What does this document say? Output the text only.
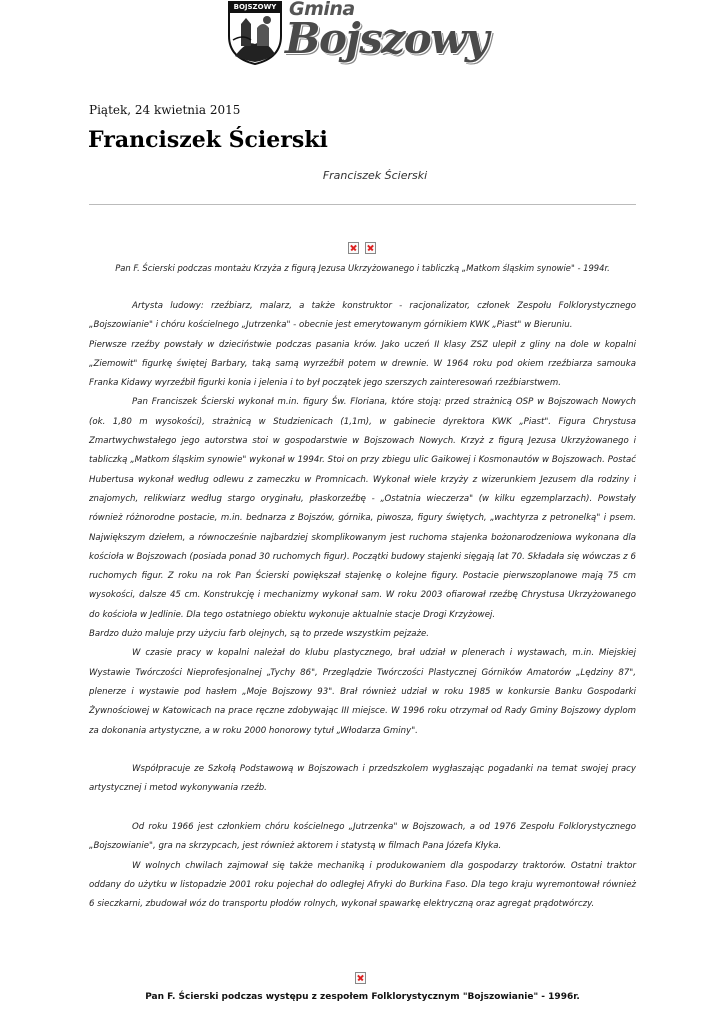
BOJSZOWY Gmina
Bojszowy
Piątek, 24 kwietnia 2015
Franciszek Ścierski
Franciszek Ścierski
Pan F. Ścierski podczas montażu Krzyża z figurą Jezusa Ukrzyżowanego i tabliczką „Matkom śląskim synowie" - 1994r.

Artysta ludowy: rzeźbiarz, malarz, a także konstruktor - racjonalizator, członek Zespołu Folklorystycznego „Bojszowianie" i chóru kościelnego „Jutrzenka" - obecnie jest emerytowanym górnikiem KWK „Piast" w Bieruniu.

Pierwsze rzeźby powstały w dzieciństwie podczas pasania krów. Jako uczeń II klasy ZSZ ulepił z gliny na dole w kopalni „Ziemowit" figurkę świętej Barbary, taką samą wyrzeźbił potem w drewnie. W 1964 roku pod okiem rzeźbiarza samouka Franka Kidawy wyrzeźbił figurki konia i jelenia i to był początek jego szerszych zainteresowań rzeźbiarstwem.

Pan Franciszek Ścierski wykonał m.in. figury Św. Floriana, które stoją: przed strażnicą OSP w Bojszowach Nowych (ok. 1,80 m wysokości), strażnicą w Studzienicach (1,1m), w gabinecie dyrektora KWK „Piast". Figura Chrystusa Zmartwychwstałego jego autorstwa stoi w gospodarstwie w Bojszowach Nowych. Krzyż z figurą Jezusa Ukrzyżowanego i tabliczką „Matkom śląskim synowie" wykonał w 1994r. Stoi on przy zbiegu ulic Gaikowej i Kosmonautów w Bojszowach. Postać Hubertusa wykonał według odlewu z zameczku w Promnicach. Wykonał wiele krzyży z wizerunkiem Jezusem dla rodziny i znajomych, relikwiarz według stargo oryginału, płaskorzeźbę - „Ostatnia wieczerza" (w kilku egzemplarzach). Powstały również różnorodne postacie, m.in. bednarza z Bojszów, górnika, piwosza, figury świętych, „wachtyrza z petronelką" i psem. Największym dziełem, a równocześnie najbardziej skomplikowanym jest ruchoma stajenka bożonarodzeniowa wykonana dla kościoła w Bojszowach (posiada ponad 30 ruchomych figur). Początki budowy stajenki sięgają lat 70. Składała się wówczas z 6 ruchomych figur. Z roku na rok Pan Ścierski powiększał stajenkę o kolejne figury. Postacie pierwszoplanowe mają 75 cm wysokości, dalsze 45 cm. Konstrukcję i mechanizmy wykonał sam. W roku 2003 ofiarował rzeźbę Chrystusa Ukrzyżowanego do kościoła w Jedlinie. Dla tego ostatniego obiektu wykonuje aktualnie stacje Drogi Krzyżowej.

Bardzo dużo maluje przy użyciu farb olejnych, są to przede wszystkim pejzaże.

W czasie pracy w kopalni należał do klubu plastycznego, brał udział w plenerach i wystawach, m.in. Miejskiej Wystawie Twórczości Nieprofesjonalnej „Tychy 86", Przeglądzie Twórczości Plastycznej Górników Amatorów „Lędziny 87", plenerze i wystawie pod hasłem „Moje Bojszowy 93". Brał również udział w roku 1985 w konkursie Banku Gospodarki Żywnościowej w Katowicach na prace ręczne zdobywając III miejsce. W 1996 roku otrzymał od Rady Gminy Bojszowy dyplom za dokonania artystyczne, a w roku 2000 honorowy tytuł „Włodarza Gminy".

Współpracuje ze Szkołą Podstawową w Bojszowach i przedszkolem wygłaszając pogadanki na temat swojej pracy artystycznej i metod wykonywania rzeźb.

Od roku 1966 jest członkiem chóru kościelnego „Jutrzenka" w Bojszowach, a od 1976 Zespołu Folklorystycznego „Bojszowianie", gra na skrzypcach, jest również aktorem i statystą w filmach Pana Józefa Kłyka.

W wolnych chwilach zajmował się także mechaniką i produkowaniem dla gospodarzy traktorów. Ostatni traktor oddany do użytku w listopadzie 2001 roku pojechał do odległej Afryki do Burkina Faso. Dla tego kraju wyremontował również 6 sieczkarni, zbudował wóz do transportu płodów rolnych, wykonał spawarkę elektryczną oraz agregat prądotwórczy.

Pan F. Ścierski podczas występu z zespołem Folklorystycznym "Bojszowianie" - 1996r.
